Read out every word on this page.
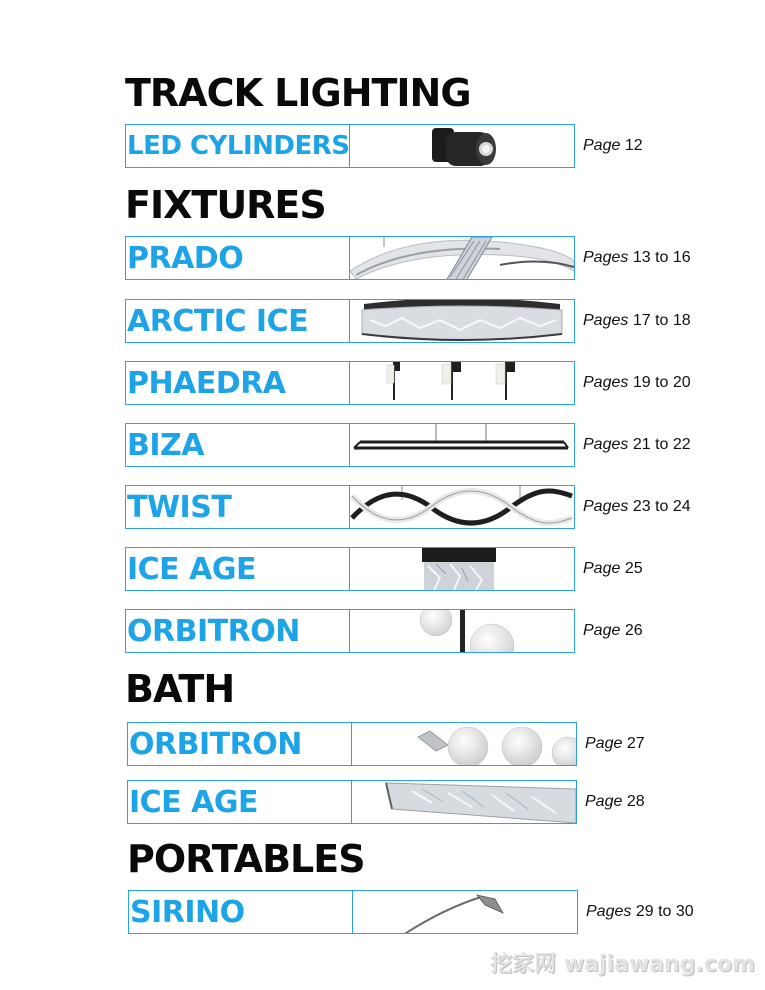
TRACK LIGHTING
LED CYLINDERS	Page 12
FIXTURES
PRADO	Pages 13 to 16
ARCTIC ICE	Pages 17 to 18
PHAEDRA	Pages 19 to 20
BIZA	Pages 21 to 22
TWIST	Pages 23 to 24
ICE AGE	Page 25
ORBITRON	Page 26
BATH
ORBITRON	Page 27
ICE AGE	Page 28
PORTABLES
SIRINO	Pages 29 to 30
挖家网 wajiawang.com
